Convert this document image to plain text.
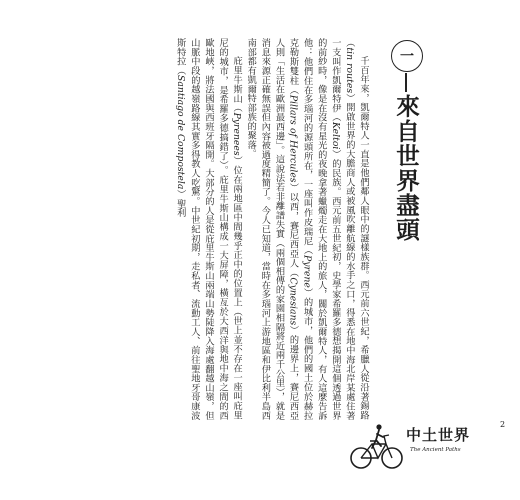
千百年來，凱爾特人一直是他們鄰人眼中的謎樣族群。西元前六世紀，希臘人從沿著錫路（tin routes）開啟世界的大膽商人或被風吹離航線的水手之口，得悉在地中海北岸某處住著一支叫作凱爾特伊（Keltoi）的民族。西元前五世紀初，史學家希羅多德想揭開這個透過世界的前紗時，像是在沒有星光的夜晚拿著蠟燭走在大地上的旅人，關於凱爾特人，有人這麼告訴他：他們住在多瑙河的源頭所在，一座叫作皮瑞尼（Pyrene）的城市，他們的國土位於赫拉克勒斯雙柱（Pillars of Hercules）以西，賽尼西亞人（Cynesians）的邊界上，賽尼西亞人則「生活在歐洲最西邊」。這說法若非離譜失實（兩個相傳的家園相隔將近兩千公里），就是消息來源正確無誤但內容被過度精簡了。今人已知道，當時在多瑙河上游地區和伊比利半島西南部都有凱爾特部族的聚落。

庇里牛斯山（Pyrenees）位在兩地區中間幾乎正中的位置上（世上並不存在一座叫庇里尼的城市，是希羅多德搞錯了）。庇里牛斯山構成一大屏障，橫亙於大西洋與地中海之間的西歐地峽，將法國與西班牙隔開。大部分的人是從庇里牛斯山兩端山勢陡降入海處翻越山嶺，但山脈中段的越嶺路線其實多得教人吃驚。中世紀初期，走私者、流動工人、前往聖地牙哥康波斯特拉（Santiago de Compostela）聖利

一
來自世界盡頭
中土世界
The Ancient Paths
2
